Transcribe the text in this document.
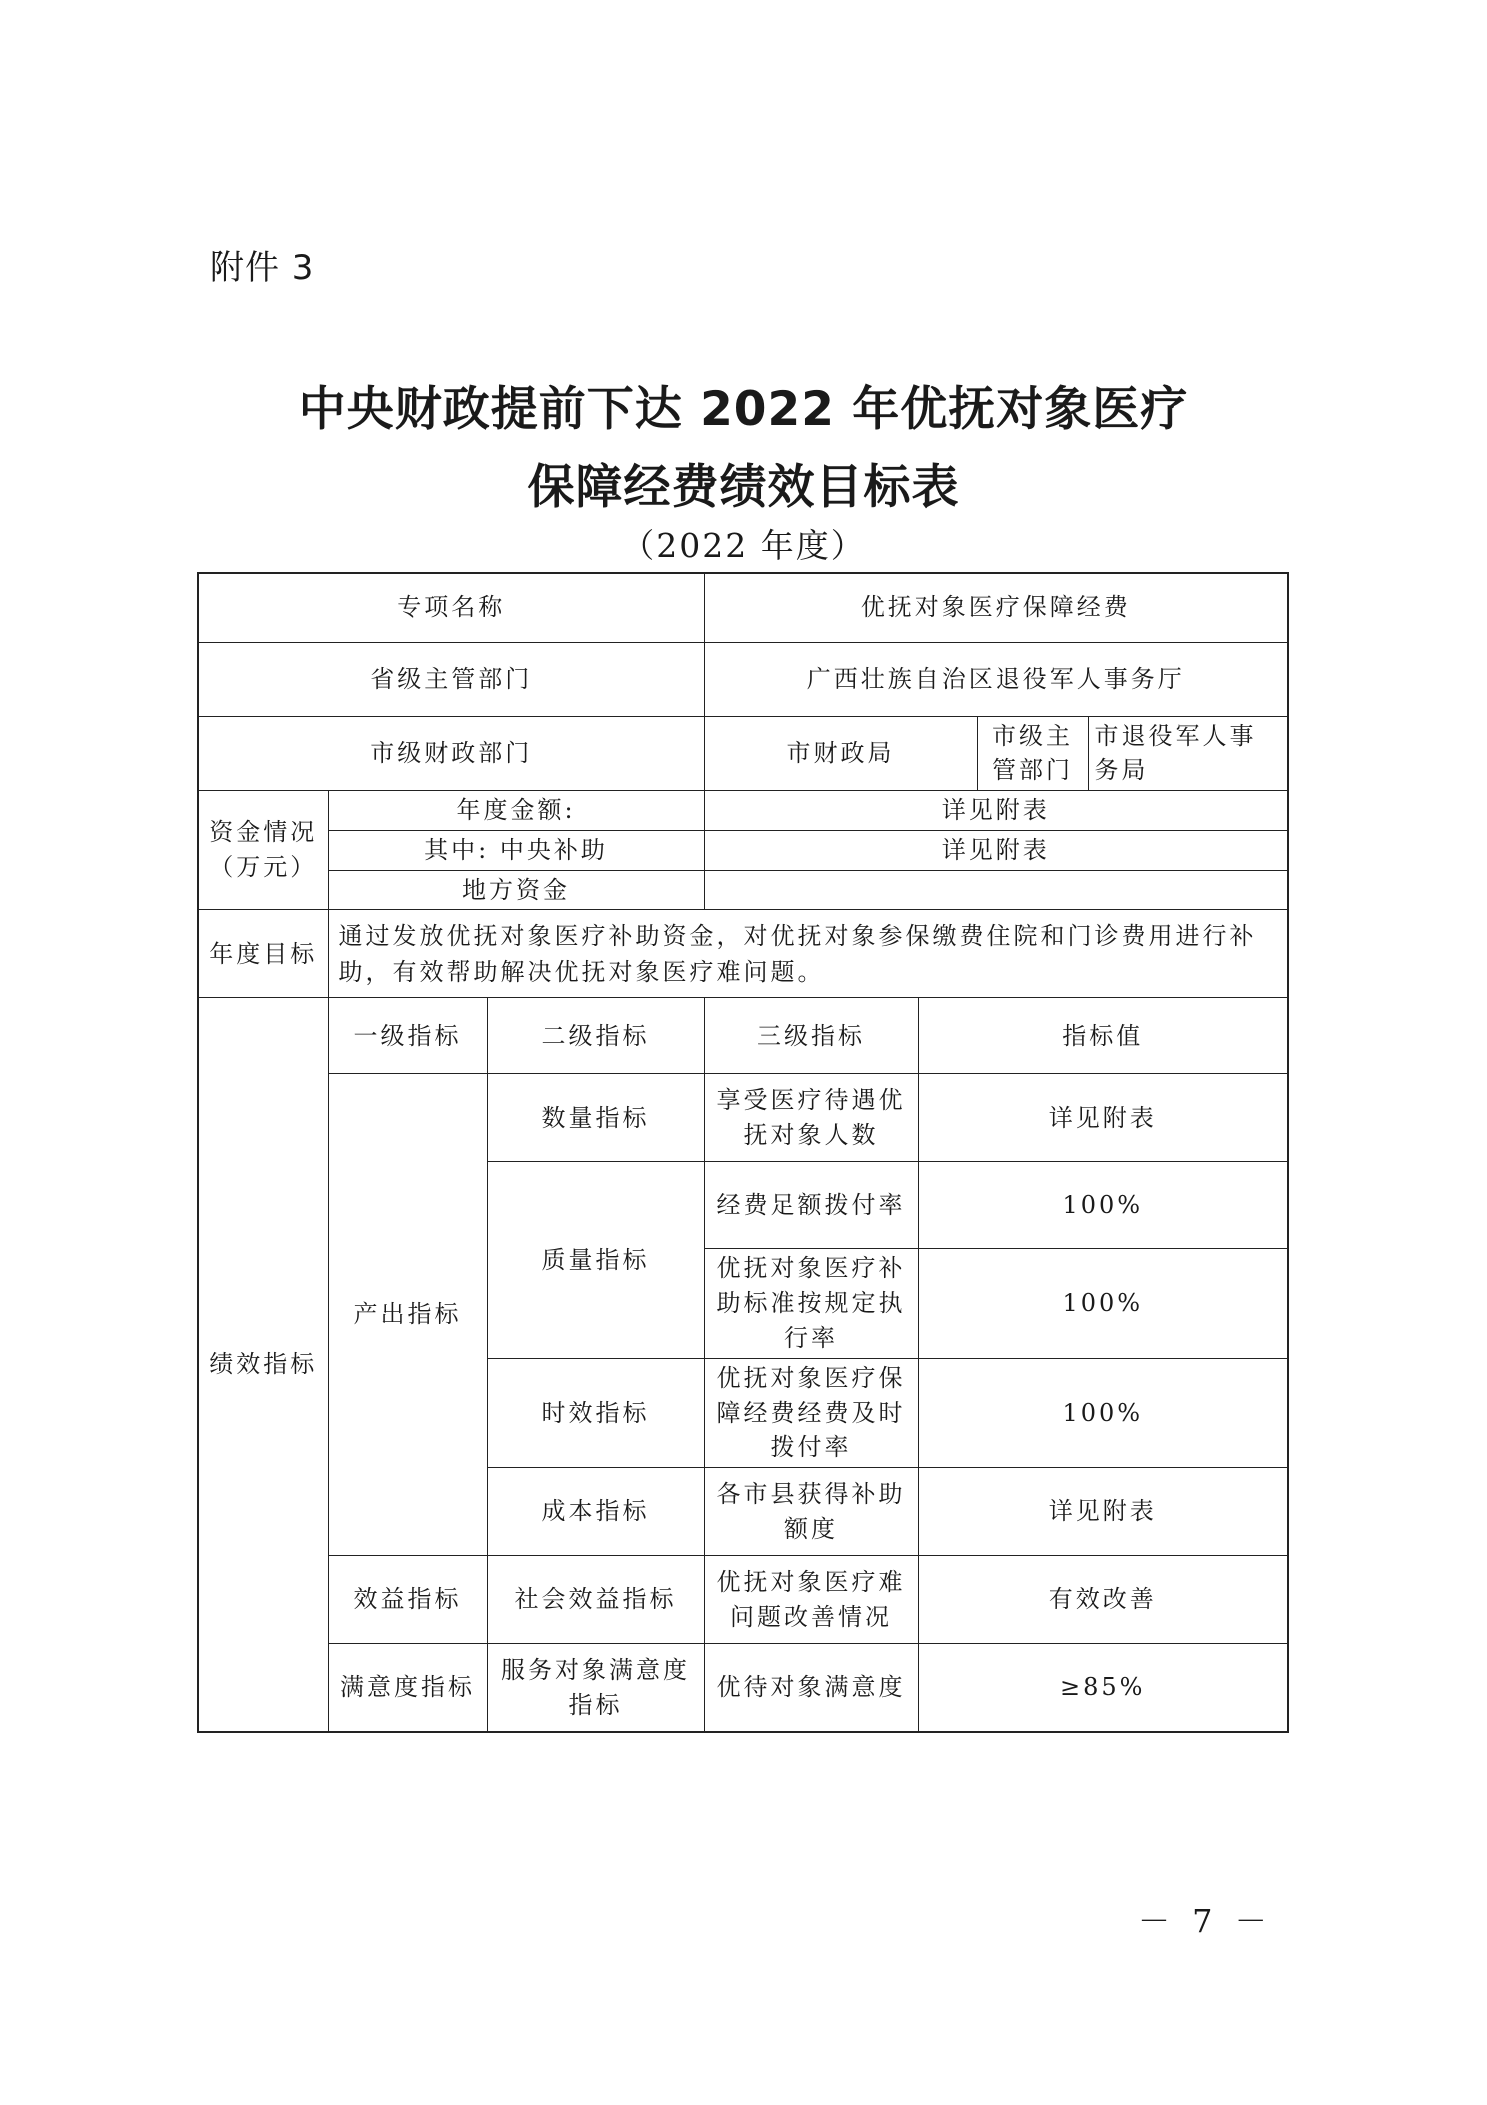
附件 3
中央财政提前下达 2022 年优抚对象医疗
保障经费绩效目标表
（2022 年度）
专项名称			优抚对象医疗保障经费			
省级主管部门			广西壮族自治区退役军人事务厅			
市级财政部门			市财政局		市级主管部门	市退役军人事务局
资金情况（万元）	年度金额:		详见附表			
	其中: 中央补助		详见附表			
	地方资金					
年度目标	通过发放优抚对象医疗补助资金，对优抚对象参保缴费住院和门诊费用进行补助，有效帮助解决优抚对象医疗难问题。					
绩效指标	一级指标	二级指标	三级指标	指标值		
	产出指标	数量指标	享受医疗待遇优抚对象人数	详见附表		
		质量指标	经费足额拨付率	100%		
			优抚对象医疗补助标准按规定执行率	100%		
		时效指标	优抚对象医疗保障经费经费及时拨付率	100%		
		成本指标	各市县获得补助额度	详见附表		
	效益指标	社会效益指标	优抚对象医疗难问题改善情况	有效改善		
	满意度指标	服务对象满意度指标	优待对象满意度	≥85%		
－ 7 －
